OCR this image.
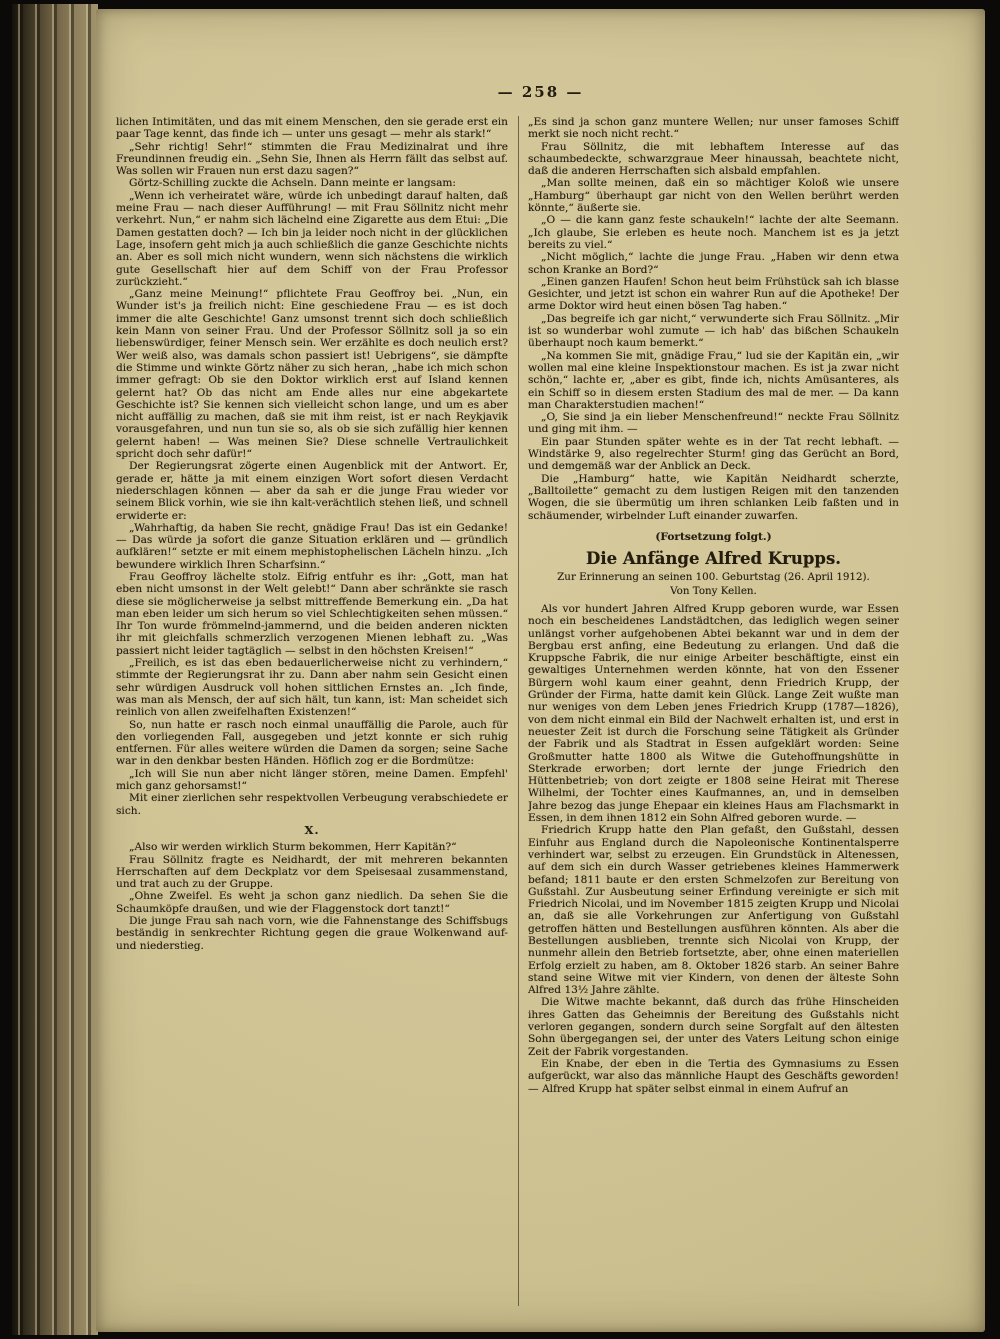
— 258 —

lichen Intimitäten, und das mit einem Menschen, den sie gerade erst ein paar Tage kennt, das finde ich — unter uns gesagt — mehr als stark!“

„Sehr richtig! Sehr!“ stimmten die Frau Medizinalrat und ihre Freundinnen freudig ein. „Sehn Sie, Ihnen als Herrn fällt das selbst auf. Was sollen wir Frauen nun erst dazu sagen?“

Görtz-Schilling zuckte die Achseln. Dann meinte er langsam:

„Wenn ich verheiratet wäre, würde ich unbedingt darauf halten, daß meine Frau — nach dieser Aufführung! — mit Frau Söllnitz nicht mehr verkehrt. Nun,“ er nahm sich lächelnd eine Zigarette aus dem Etui: „Die Damen gestatten doch? — Ich bin ja leider noch nicht in der glücklichen Lage, insofern geht mich ja auch schließlich die ganze Geschichte nichts an. Aber es soll mich nicht wundern, wenn sich nächstens die wirklich gute Gesellschaft hier auf dem Schiff von der Frau Professor zurückzieht.“

„Ganz meine Meinung!“ pflichtete Frau Geoffroy bei. „Nun, ein Wunder ist's ja freilich nicht: Eine geschiedene Frau — es ist doch immer die alte Geschichte! Ganz umsonst trennt sich doch schließlich kein Mann von seiner Frau. Und der Professor Söllnitz soll ja so ein liebenswürdiger, feiner Mensch sein. Wer erzählte es doch neulich erst? Wer weiß also, was damals schon passiert ist! Uebrigens“, sie dämpfte die Stimme und winkte Görtz näher zu sich heran, „habe ich mich schon immer gefragt: Ob sie den Doktor wirklich erst auf Island kennen gelernt hat? Ob das nicht am Ende alles nur eine abgekartete Geschichte ist? Sie kennen sich vielleicht schon lange, und um es aber nicht auffällig zu machen, daß sie mit ihm reist, ist er nach Reykjavik vorausgefahren, und nun tun sie so, als ob sie sich zufällig hier kennen gelernt haben! — Was meinen Sie? Diese schnelle Vertraulichkeit spricht doch sehr dafür!“

Der Regierungsrat zögerte einen Augenblick mit der Antwort. Er, gerade er, hätte ja mit einem einzigen Wort sofort diesen Verdacht niederschlagen können — aber da sah er die junge Frau wieder vor seinem Blick vorhin, wie sie ihn kalt-verächtlich stehen ließ, und schnell erwiderte er:

„Wahrhaftig, da haben Sie recht, gnädige Frau! Das ist ein Gedanke! — Das würde ja sofort die ganze Situation erklären und — gründlich aufklären!“ setzte er mit einem mephistophelischen Lächeln hinzu. „Ich bewundere wirklich Ihren Scharfsinn.“

Frau Geoffroy lächelte stolz. Eifrig entfuhr es ihr: „Gott, man hat eben nicht umsonst in der Welt gelebt!“ Dann aber schränkte sie rasch diese sie möglicherweise ja selbst mittreffende Bemerkung ein. „Da hat man eben leider um sich herum so viel Schlechtigkeiten sehen müssen.“ Ihr Ton wurde frömmelnd-jammernd, und die beiden anderen nickten ihr mit gleichfalls schmerzlich verzogenen Mienen lebhaft zu. „Was passiert nicht leider tagtäglich — selbst in den höchsten Kreisen!“

„Freilich, es ist das eben bedauerlicherweise nicht zu verhindern,“ stimmte der Regierungsrat ihr zu. Dann aber nahm sein Gesicht einen sehr würdigen Ausdruck voll hohen sittlichen Ernstes an. „Ich finde, was man als Mensch, der auf sich hält, tun kann, ist: Man scheidet sich reinlich von allen zweifelhaften Existenzen!“

So, nun hatte er rasch noch einmal unauffällig die Parole, auch für den vorliegenden Fall, ausgegeben und jetzt konnte er sich ruhig entfernen. Für alles weitere würden die Damen da sorgen; seine Sache war in den denkbar besten Händen. Höflich zog er die Bordmütze:

„Ich will Sie nun aber nicht länger stören, meine Damen. Empfehl' mich ganz gehorsamst!“

Mit einer zierlichen sehr respektvollen Verbeugung verabschiedete er sich.

X.

„Also wir werden wirklich Sturm bekommen, Herr Kapitän?“

Frau Söllnitz fragte es Neidhardt, der mit mehreren bekannten Herrschaften auf dem Deckplatz vor dem Speisesaal zusammenstand, und trat auch zu der Gruppe.

„Ohne Zweifel. Es weht ja schon ganz niedlich. Da sehen Sie die Schaumköpfe draußen, und wie der Flaggenstock dort tanzt!“

Die junge Frau sah nach vorn, wie die Fahnenstange des Schiffsbugs beständig in senkrechter Richtung gegen die graue Wolkenwand auf- und niederstieg.

„Es sind ja schon ganz muntere Wellen; nur unser famoses Schiff merkt sie noch nicht recht.“

Frau Söllnitz, die mit lebhaftem Interesse auf das schaumbedeckte, schwarzgraue Meer hinaussah, beachtete nicht, daß die anderen Herrschaften sich alsbald empfahlen.

„Man sollte meinen, daß ein so mächtiger Koloß wie unsere „Hamburg“ überhaupt gar nicht von den Wellen berührt werden könnte,“ äußerte sie.

„O — die kann ganz feste schaukeln!“ lachte der alte Seemann. „Ich glaube, Sie erleben es heute noch. Manchem ist es ja jetzt bereits zu viel.“

„Nicht möglich,“ lachte die junge Frau. „Haben wir denn etwa schon Kranke an Bord?“

„Einen ganzen Haufen! Schon heut beim Frühstück sah ich blasse Gesichter, und jetzt ist schon ein wahrer Run auf die Apotheke! Der arme Doktor wird heut einen bösen Tag haben.“

„Das begreife ich gar nicht,“ verwunderte sich Frau Söllnitz. „Mir ist so wunderbar wohl zumute — ich hab' das bißchen Schaukeln überhaupt noch kaum bemerkt.“

„Na kommen Sie mit, gnädige Frau,“ lud sie der Kapitän ein, „wir wollen mal eine kleine Inspektionstour machen. Es ist ja zwar nicht schön,“ lachte er, „aber es gibt, finde ich, nichts Amüsanteres, als ein Schiff so in diesem ersten Stadium des mal de mer. — Da kann man Charakterstudien machen!“

„O, Sie sind ja ein lieber Menschenfreund!“ neckte Frau Söllnitz und ging mit ihm. —

Ein paar Stunden später wehte es in der Tat recht lebhaft. — Windstärke 9, also regelrechter Sturm! ging das Gerücht an Bord, und demgemäß war der Anblick an Deck.

Die „Hamburg“ hatte, wie Kapitän Neidhardt scherzte, „Balltoilette“ gemacht zu dem lustigen Reigen mit den tanzenden Wogen, die sie übermütig um ihren schlanken Leib faßten und in schäumender, wirbelnder Luft einander zuwarfen.

(Fortsetzung folgt.)

Die Anfänge Alfred Krupps.
Zur Erinnerung an seinen 100. Geburtstag (26. April 1912).
Von Tony Kellen.

Als vor hundert Jahren Alfred Krupp geboren wurde, war Essen noch ein bescheidenes Landstädtchen, das lediglich wegen seiner unlängst vorher aufgehobenen Abtei bekannt war und in dem der Bergbau erst anfing, eine Bedeutung zu erlangen. Und daß die Kruppsche Fabrik, die nur einige Arbeiter beschäftigte, einst ein gewaltiges Unternehmen werden könnte, hat von den Essener Bürgern wohl kaum einer geahnt, denn Friedrich Krupp, der Gründer der Firma, hatte damit kein Glück. Lange Zeit wußte man nur weniges von dem Leben jenes Friedrich Krupp (1787—1826), von dem nicht einmal ein Bild der Nachwelt erhalten ist, und erst in neuester Zeit ist durch die Forschung seine Tätigkeit als Gründer der Fabrik und als Stadtrat in Essen aufgeklärt worden: Seine Großmutter hatte 1800 als Witwe die Gutehoffnungshütte in Sterkrade erworben; dort lernte der junge Friedrich den Hüttenbetrieb; von dort zeigte er 1808 seine Heirat mit Therese Wilhelmi, der Tochter eines Kaufmannes, an, und in demselben Jahre bezog das junge Ehepaar ein kleines Haus am Flachsmarkt in Essen, in dem ihnen 1812 ein Sohn Alfred geboren wurde. —

Friedrich Krupp hatte den Plan gefaßt, den Gußstahl, dessen Einfuhr aus England durch die Napoleonische Kontinentalsperre verhindert war, selbst zu erzeugen. Ein Grundstück in Altenessen, auf dem sich ein durch Wasser getriebenes kleines Hammerwerk befand; 1811 baute er den ersten Schmelzofen zur Bereitung von Gußstahl. Zur Ausbeutung seiner Erfindung vereinigte er sich mit Friedrich Nicolai, und im November 1815 zeigten Krupp und Nicolai an, daß sie alle Vorkehrungen zur Anfertigung von Gußstahl getroffen hätten und Bestellungen ausführen könnten. Als aber die Bestellungen ausblieben, trennte sich Nicolai von Krupp, der nunmehr allein den Betrieb fortsetzte, aber, ohne einen materiellen Erfolg erzielt zu haben, am 8. Oktober 1826 starb. An seiner Bahre stand seine Witwe mit vier Kindern, von denen der älteste Sohn Alfred 13½ Jahre zählte.

Die Witwe machte bekannt, daß durch das frühe Hinscheiden ihres Gatten das Geheimnis der Bereitung des Gußstahls nicht verloren gegangen, sondern durch seine Sorgfalt auf den ältesten Sohn übergegangen sei, der unter des Vaters Leitung schon einige Zeit der Fabrik vorgestanden.

Ein Knabe, der eben in die Tertia des Gymnasiums zu Essen aufgerückt, war also das männliche Haupt des Geschäfts geworden! — Alfred Krupp hat später selbst einmal in einem Aufruf an
